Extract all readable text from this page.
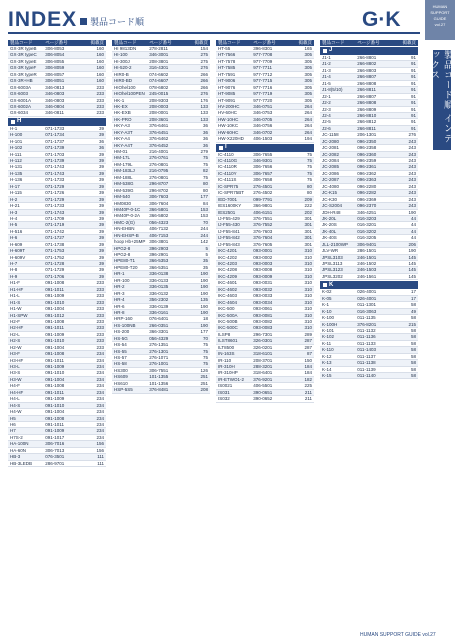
INDEX 製品コード順	G·K
HUMAN
SUPPORT
GUIDE
vol.27
製品コード順 インデックス
製品コード	ページ番号	掲載頁
GX-3R typeB	306-8053	160
GX-3R typeC	306-8054	160
GX-3R typeE	306-8055	160
GX-3R typeF	306-8059	160
GX-3R typeR	306-8057	160
GX-3R+HB	306-8051	160
GX-6003A	346-0813	233
GX-6003	346-0803	233
GX-6001A	346-0803	233
GX-6002A	346-0804	233
GX-6034	346-0811	233
H
H-1	071-1733	39
H-100	071-1734	39
H-101	071-1737	36
H-102	071-1739	36
H-111	071-1703	39
H-112	071-1739	39
H-131	071-1743	39
H-135	071-1743	39
H-136	071-1733	39
H-17	071-1729	39
H-115	071-1726	39
H-2	071-1729	39
H-21	071-1733	39
H-3	071-1743	39
H-4	071-1709	39
H-5	071-1719	39
H-516	071-1742	39
H-6	071-1727	39
H-609	071-1738	39
H-609T	071-1753	39
H-609V	071-1752	39
H-7	071-1728	39
H-8	071-1729	39
H-9	071-1706	39
H1-F	091-1008	233
H1-HF	091-1011	233
H1-L	091-1009	233
H1-S	091-1010	233
H1-W	091-1004	233
H1-SPW	091-1012	233
H2-F	091-1008	233
H2-HF	091-1011	233
H2-L	091-1009	233
H2-S	091-1010	233
H2-W	091-1004	233
H3-F	091-1008	234
H3-HF	091-1011	234
H3-L	091-1009	234
H3-S	091-1010	234
H3-W	091-1004	234
H4-F	091-1008	234
H4-HF	091-1011	234
H4-L	091-1009	234
H4-S	091-1010	234
H4-W	091-1004	234
H5	091-1008	234
H6	091-1011	234
H7	091-1009	234
H7S-2	091-1017	234
HA-100N	306-7016	156
HA-60N	306-7013	156
HB-3	076-3501	111
HB-3LEDB	286-9701	111
製品コード	ページ番号	掲載頁
HI 9813DN	278-2811	154
HI-100	346-3001	275
HI-300J	208-3801	275
HI-520-2	316-4301	276
HIR0-B	074-6602	266
HIR0-BD	074-6607	266
HIOhel100	078-6802	266
HIOhel100PEN 245-0015	276
HK-1	208-9303	176
HK-EX	208-0003	133
HK-EXB	208-0001	133
HK-PRO	208-3601	133
HKY-A3	376-6461	36
HKY-A3T	376-6451	36
HKY-A4	376-6462	36
HKY-A4T	376-6452	36
HM-01	216-4001	279
HM-17L	276-0761	75
HM-179L	276-0801	75
HM-183LJ	216-0795	82
HM-188L	276-0801	75
HM-538G	296-8707	80
HM-539G	296-8702	80
HM-540	306-7603	177
HM0830	306-7604	84
HM40P-0-1C	366-5801	153
HM40P-0-2A	366-5802	153
HMC-2(G)	056-4323	70
HN-EHBN	406-7132	244
HN-EHSP-B	406-7153	244
hoop Hb+25MP 306-3801	142
HPG2-8	396-2903	5
HPG2-8	396-2901	5
HPE80-T1	366-5353	35
HPE80-T20	366-5351	35
HR-1	336-0138	190
HR-100	336-0133	190
HR-2	336-0135	190
HR-3	336-0132	190
HR-4	356-2302	135
HR-6	336-0139	190
HR-8	336-0161	190
HRP-160	076-6401	18
HS-100NB	266-0351	190
HS-200	366-3301	177
HS-5G	056-4329	70
HS-54	276-1351	75
HS-55	276-1301	75
HS-57	276-1071	75
HS-58	276-1001	75
HS300	306-7551	126
HS609	101-1355	251
HS610	101-1356	251
HSP-5S5	376-8481	208
製品コード	ページ番号	掲載頁
HT-55	396-8301	165
HT-7566	977-7708	305
HT-7578	977-7709	305
HT-7585	977-7711	305
HT-7591	977-7712	305
HT-9006	977-7715	305
HT-9076	977-7716	305
HT-9085	977-7719	305
HT-9091	977-7720	305
HV-200HC	346-0751	264
HV-60HC	346-0753	264
HW-10HC	346-0705	264
HW-10KC	346-0756	264
HW-60HC	346-0702	264
HW-X220HD	406-1503	194
I
IC-4110	306-7655	75
IC-4110G	346-9301	75
IC-4110R	306-7656	75
IC-4110Y	306-7657	75
IC-4111S	306-7658	75
IC-SPR75	276-4501	80
IC-SPR75BT	276-4502	80
IED-7001	099-7791	209
IES1600KY	366-9801	222
IES2501	406-6151	202
IJ-F55-429	376-7551	301
IJ-F55-430	376-7552	301
IJ-F55-841	376-7603	301
IJ-F55-842	376-7604	301
IJ-F55-843	376-7605	301
IKC-4201	093-0001	310
IKC-4202	093-0002	310
IKC-4203	093-0003	310
IKC-4208	093-0008	310
IKC-4209	093-0009	310
IKC-4601	093-0031	310
IKC-4602	093-0032	310
IKC-4603	093-0033	310
IKC-4604	093-0034	310
IKC-500	093-0061	310
IKC-500A	093-0081	310
IKC-500B	093-0082	310
IKC-500C	093-0083	310
ILSP8	296-7301	289
ILST8601	326-0301	287
ILT8500	326-0201	287
IN-163S	318-6101	87
IR-110	208-3701	150
IR-310H	288-3201	184
IR-310HP	318-6401	184
IR-ETWO1-2	376-9201	182
IS0021	406-5501	225
IS031	390-0651	211
IS032	390-0652	211
製品コード	ページ番号	掲載頁
J
J1-1	266-8801	91
J1-2	266-8802	91
J1-3	266-8803	91
J1-4	266-8807	91
J1-5	266-8808	91
J1-8(5/10)	266-8811	91
J2-1	266-8807	91
J2-2	266-8808	91
J2-3	266-8809	91
J2-4	266-8810	91
J2-5	266-8812	91
J2-6	266-8811	91
JC-1158	206-1301	276
JC-2080	096-2350	243
JC-2081	096-2358	243
JC-2082	096-2360	243
JC-2084	096-2359	243
JC-2085	096-2361	243
JC-2086	096-2362	243
JC-2087	096-2363	243
JC-4080	096-2280	243
JC-K15	096-2282	243
JC-K30	096-2369	243
JC-S2004	096-2370	243
JDH-R48	346-4251	190
JK-20L	016-3203	44
JK-20S	016-3201	44
JK-40L	016-3202	44
JK-40S	016-3205	44
JLL-2100WP	306-9401	206
JLV-WR	286-1501	190
JPSL3103	246-1501	145
JPSL3113	246-1502	145
JPSL3123	246-1503	145
JPSL3202	246-1561	145
K
K-02	026-4001	17
K-05	026-4001	17
K-1	011-1301	58
K-10	016-3063	49
K-100	011-1135	58
K-100H	376-8201	215
K-101	011-1132	58
K-102	011-1136	58
K-11	011-1133	58
K-110	011-1403	58
K-12	011-1137	58
K-13	011-1138	58
K-14	011-1139	58
K-15	011-1140	58
HUMAN SUPPORT GUIDE vol.27
